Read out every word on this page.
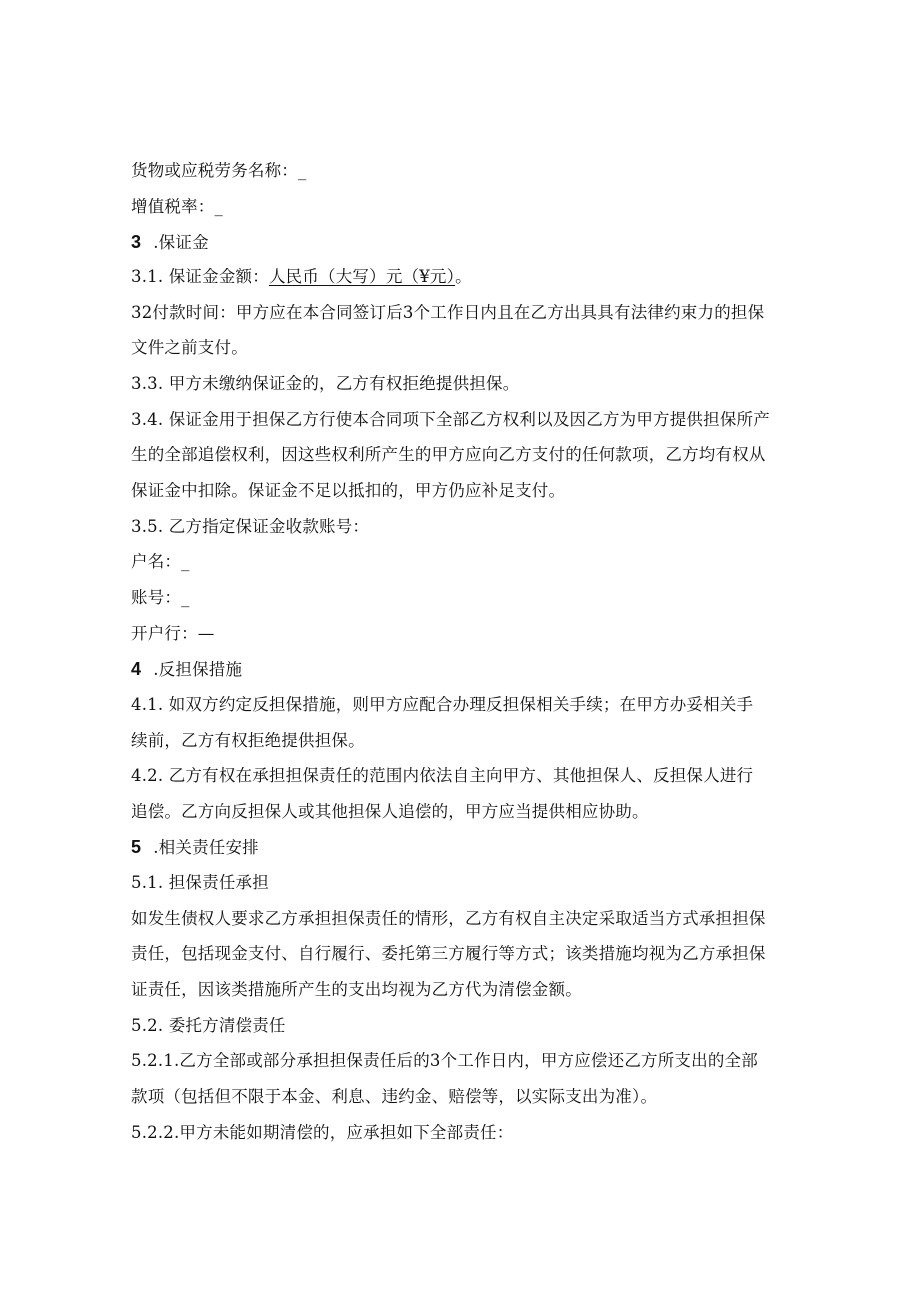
货物或应税劳务名称：_
增值税率：_
3 .保证金
3.1. 保证金金额：人民币（大写）元（¥元）。
32付款时间：甲方应在本合同签订后3个工作日内且在乙方出具具有法律约束力的担保
文件之前支付。
3.3. 甲方未缴纳保证金的，乙方有权拒绝提供担保。
3.4. 保证金用于担保乙方行使本合同项下全部乙方权利以及因乙方为甲方提供担保所产
生的全部追偿权利，因这些权利所产生的甲方应向乙方支付的任何款项，乙方均有权从
保证金中扣除。保证金不足以抵扣的，甲方仍应补足支付。
3.5. 乙方指定保证金收款账号：
户名：_
账号：_
开户行：—
4 .反担保措施
4.1. 如双方约定反担保措施，则甲方应配合办理反担保相关手续；在甲方办妥相关手
续前，乙方有权拒绝提供担保。
4.2. 乙方有权在承担担保责任的范围内依法自主向甲方、其他担保人、反担保人进行
追偿。乙方向反担保人或其他担保人追偿的，甲方应当提供相应协助。
5 .相关责任安排
5.1. 担保责任承担
如发生债权人要求乙方承担担保责任的情形，乙方有权自主决定采取适当方式承担担保
责任，包括现金支付、自行履行、委托第三方履行等方式；该类措施均视为乙方承担保
证责任，因该类措施所产生的支出均视为乙方代为清偿金额。
5.2. 委托方清偿责任
5.2.1.乙方全部或部分承担担保责任后的3个工作日内，甲方应偿还乙方所支出的全部
款项（包括但不限于本金、利息、违约金、赔偿等，以实际支出为准）。
5.2.2.甲方未能如期清偿的，应承担如下全部责任：
